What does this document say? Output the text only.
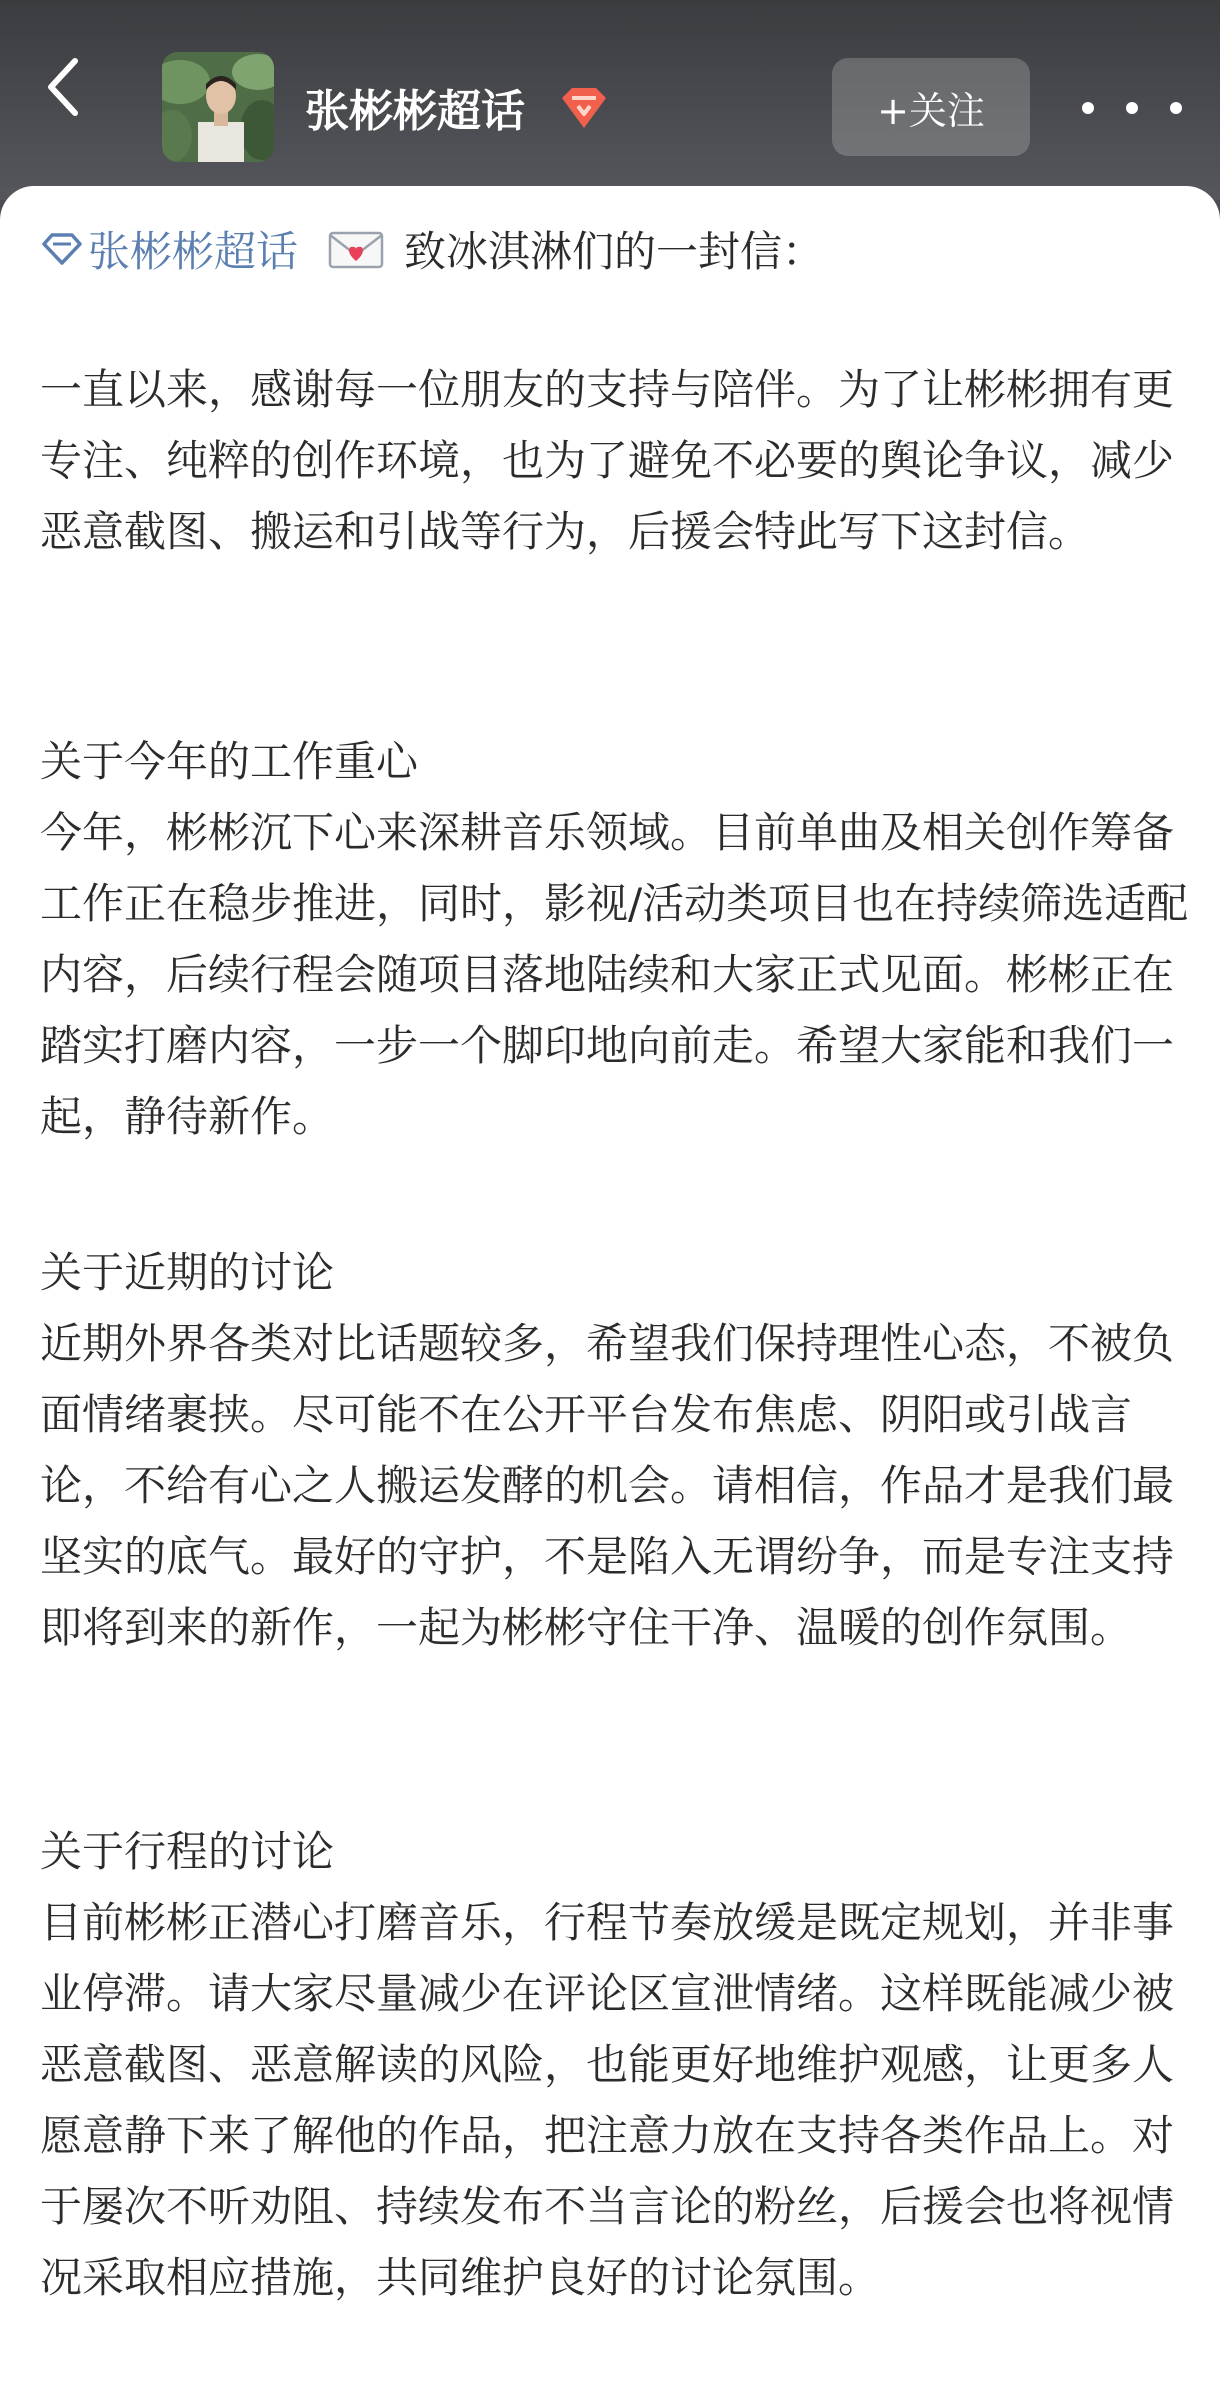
张彬彬超话	+关注
张彬彬超话	致冰淇淋们的一封信：
一直以来，感谢每一位朋友的支持与陪伴。为了让彬彬拥有更专注、纯粹的创作环境，也为了避免不必要的舆论争议，减少恶意截图、搬运和引战等行为，后援会特此写下这封信。
关于今年的工作重心
今年，彬彬沉下心来深耕音乐领域。目前单曲及相关创作筹备工作正在稳步推进，同时，影视/活动类项目也在持续筛选适配内容，后续行程会随项目落地陆续和大家正式见面。彬彬正在踏实打磨内容，一步一个脚印地向前走。希望大家能和我们一起，静待新作。
关于近期的讨论
近期外界各类对比话题较多，希望我们保持理性心态，不被负面情绪裹挟。尽可能不在公开平台发布焦虑、阴阳或引战言论，不给有心之人搬运发酵的机会。请相信，作品才是我们最坚实的底气。最好的守护，不是陷入无谓纷争，而是专注支持即将到来的新作，一起为彬彬守住干净、温暖的创作氛围。
关于行程的讨论
目前彬彬正潜心打磨音乐，行程节奏放缓是既定规划，并非事业停滞。请大家尽量减少在评论区宣泄情绪。这样既能减少被恶意截图、恶意解读的风险，也能更好地维护观感，让更多人愿意静下来了解他的作品，把注意力放在支持各类作品上。对于屡次不听劝阻、持续发布不当言论的粉丝，后援会也将视情况采取相应措施，共同维护良好的讨论氛围。
